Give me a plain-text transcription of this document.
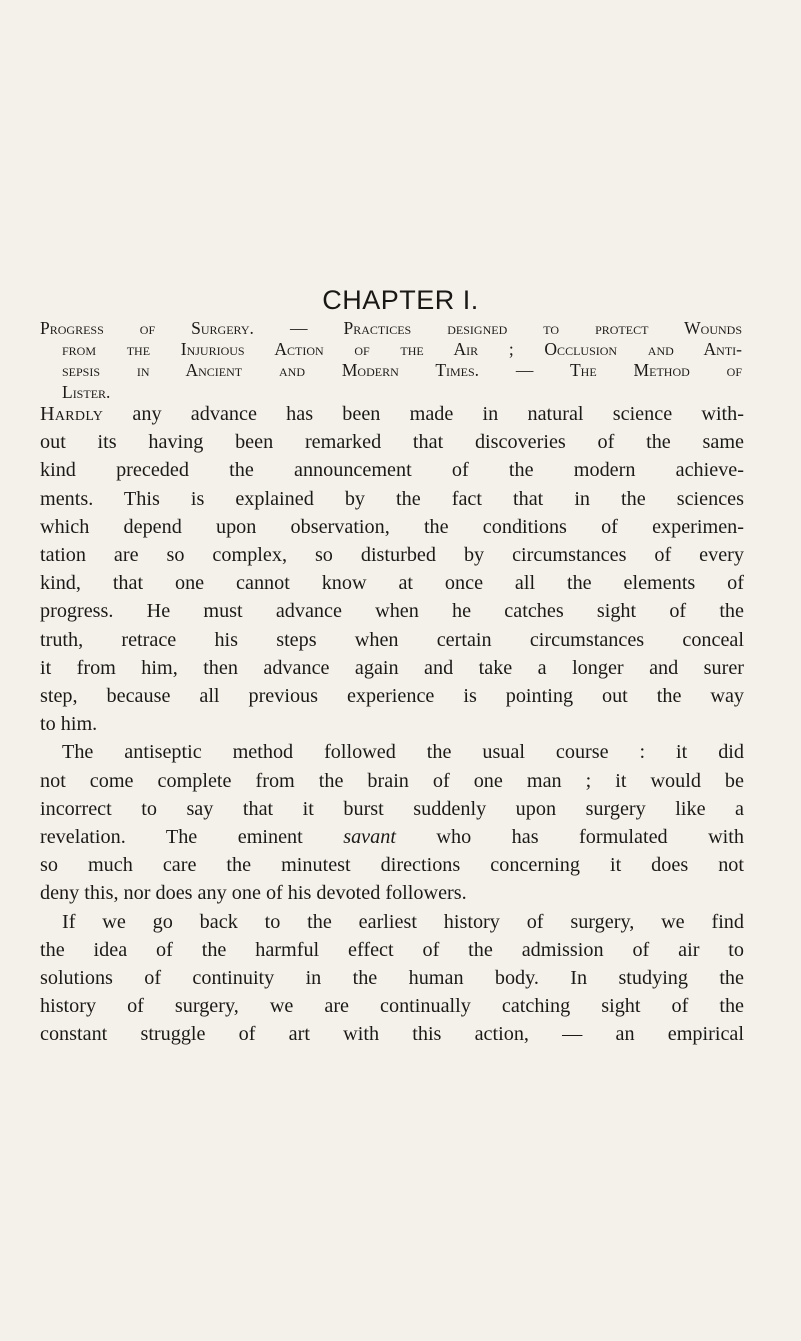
CHAPTER I.
Progress of Surgery. — Practices designed to protect Wounds
from the Injurious Action of the Air ; Occlusion and Anti-
sepsis in Ancient and Modern Times. — The Method of
Lister.
Hardly any advance has been made in natural science with-
out its having been remarked that discoveries of the same
kind preceded the announcement of the modern achieve-
ments. This is explained by the fact that in the sciences
which depend upon observation, the conditions of experimen-
tation are so complex, so disturbed by circumstances of every
kind, that one cannot know at once all the elements of
progress. He must advance when he catches sight of the
truth, retrace his steps when certain circumstances conceal
it from him, then advance again and take a longer and surer
step, because all previous experience is pointing out the way
to him.
The antiseptic method followed the usual course : it did
not come complete from the brain of one man ; it would be
incorrect to say that it burst suddenly upon surgery like a
revelation. The eminent savant who has formulated with
so much care the minutest directions concerning it does not
deny this, nor does any one of his devoted followers.
If we go back to the earliest history of surgery, we find
the idea of the harmful effect of the admission of air to
solutions of continuity in the human body. In studying the
history of surgery, we are continually catching sight of the
constant struggle of art with this action, — an empirical
